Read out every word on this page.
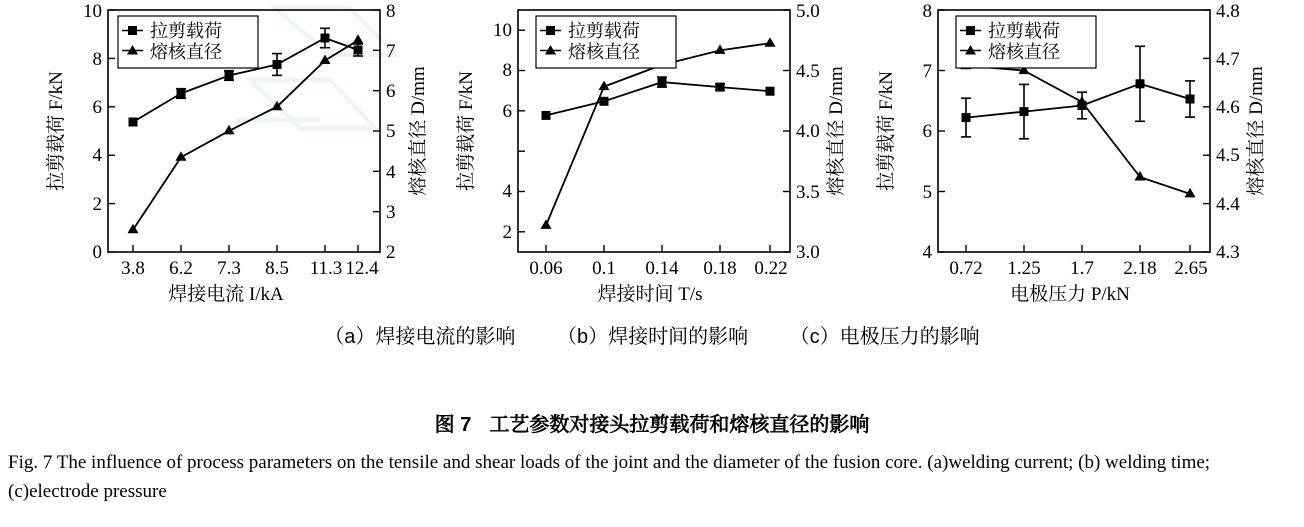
0
2
4
6
8
10
2
3
4
5
6
7
8
3.8 6.2 7.3 8.5 11.3 12.4
拉剪载荷
熔核直径
焊接电流 I/kA
拉剪载荷 F/kN	熔核直径 D/mm
2
4
6
8
10
3.0
3.5
4.0
4.5
5.0
0.06 0.1 0.14 0.18 0.22
拉剪载荷
熔核直径
焊接时间 T/s
拉剪载荷 F/kN	熔核直径 D/mm
4
5
6
7
8
4.3
4.4
4.5
4.6
4.7
4.8
0.72 1.25 1.7 2.18 2.65
拉剪载荷
熔核直径
电极压力 P/kN
拉剪载荷 F/kN	熔核直径 D/mm
（a）焊接电流的影响 （b）焊接时间的影响 （c）电极压力的影响
图 7 工艺参数对接头拉剪载荷和熔核直径的影响
Fig. 7 The influence of process parameters on the tensile and shear loads of the joint and the diameter of the fusion core. (a)welding current; (b) welding time; (c)electrode pressure
